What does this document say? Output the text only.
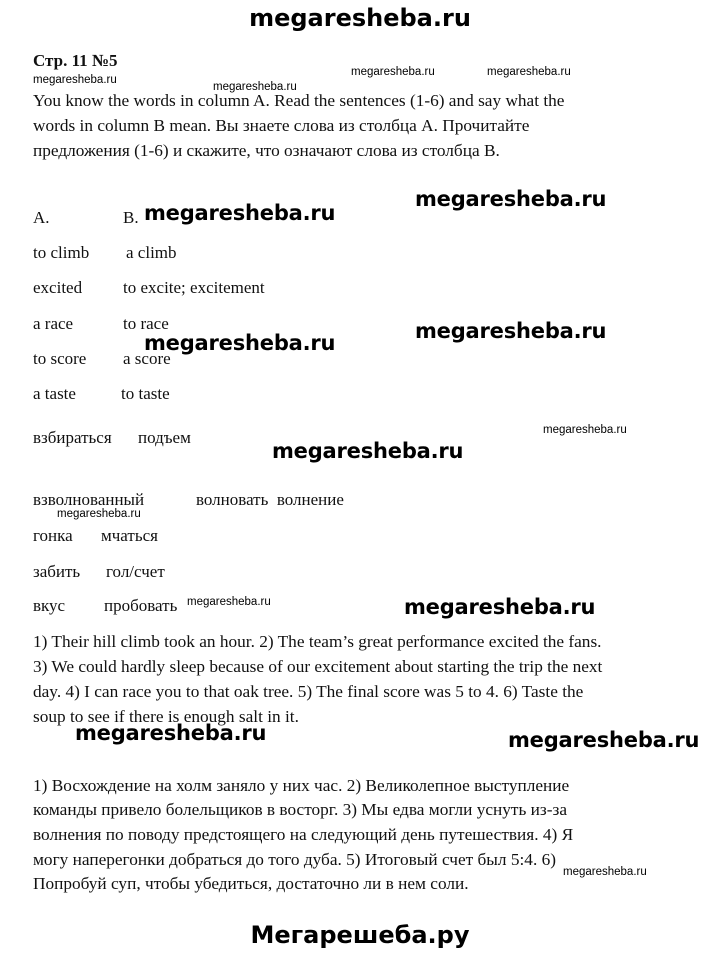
megaresheba.ru
Стр. 11 №5
megaresheba.ru
megaresheba.ru
megaresheba.ru	megaresheba.ru
You know the words in column A. Read the sentences (1-6) and say what the
words in column B mean. Вы знаете слова из столбца A. Прочитайте
предложения (1-6) и скажите, что означают слова из столбца B.
megaresheba.ru
megaresheba.ru
A.	B.
to climb a climb
excited to excite; excitement
a race	to race
to score a score
a taste	to taste
megaresheba.ru
megaresheba.ru
megaresheba.ru
megaresheba.ru
взбираться подъем
взволнованный	волновать  волнение
megaresheba.ru
гонка мчаться
забить гол/счет
вкус пробовать megaresheba.ru	megaresheba.ru
1) Their hill climb took an hour. 2) The team’s great performance excited the fans.
3) We could hardly sleep because of our excitement about starting the trip the next
day. 4) I can race you to that oak tree. 5) The final score was 5 to 4. 6) Taste the
soup to see if there is enough salt in it.
megaresheba.ru	megaresheba.ru
1) Восхождение на холм заняло у них час. 2) Великолепное выступление
команды привело болельщиков в восторг. 3) Мы едва могли уснуть из-за
волнения по поводу предстоящего на следующий день путешествия. 4) Я
могу наперегонки добраться до того дуба. 5) Итоговый счет был 5:4. 6)
Попробуй суп, чтобы убедиться, достаточно ли в нем соли.
megaresheba.ru
Мегарешеба.ру
